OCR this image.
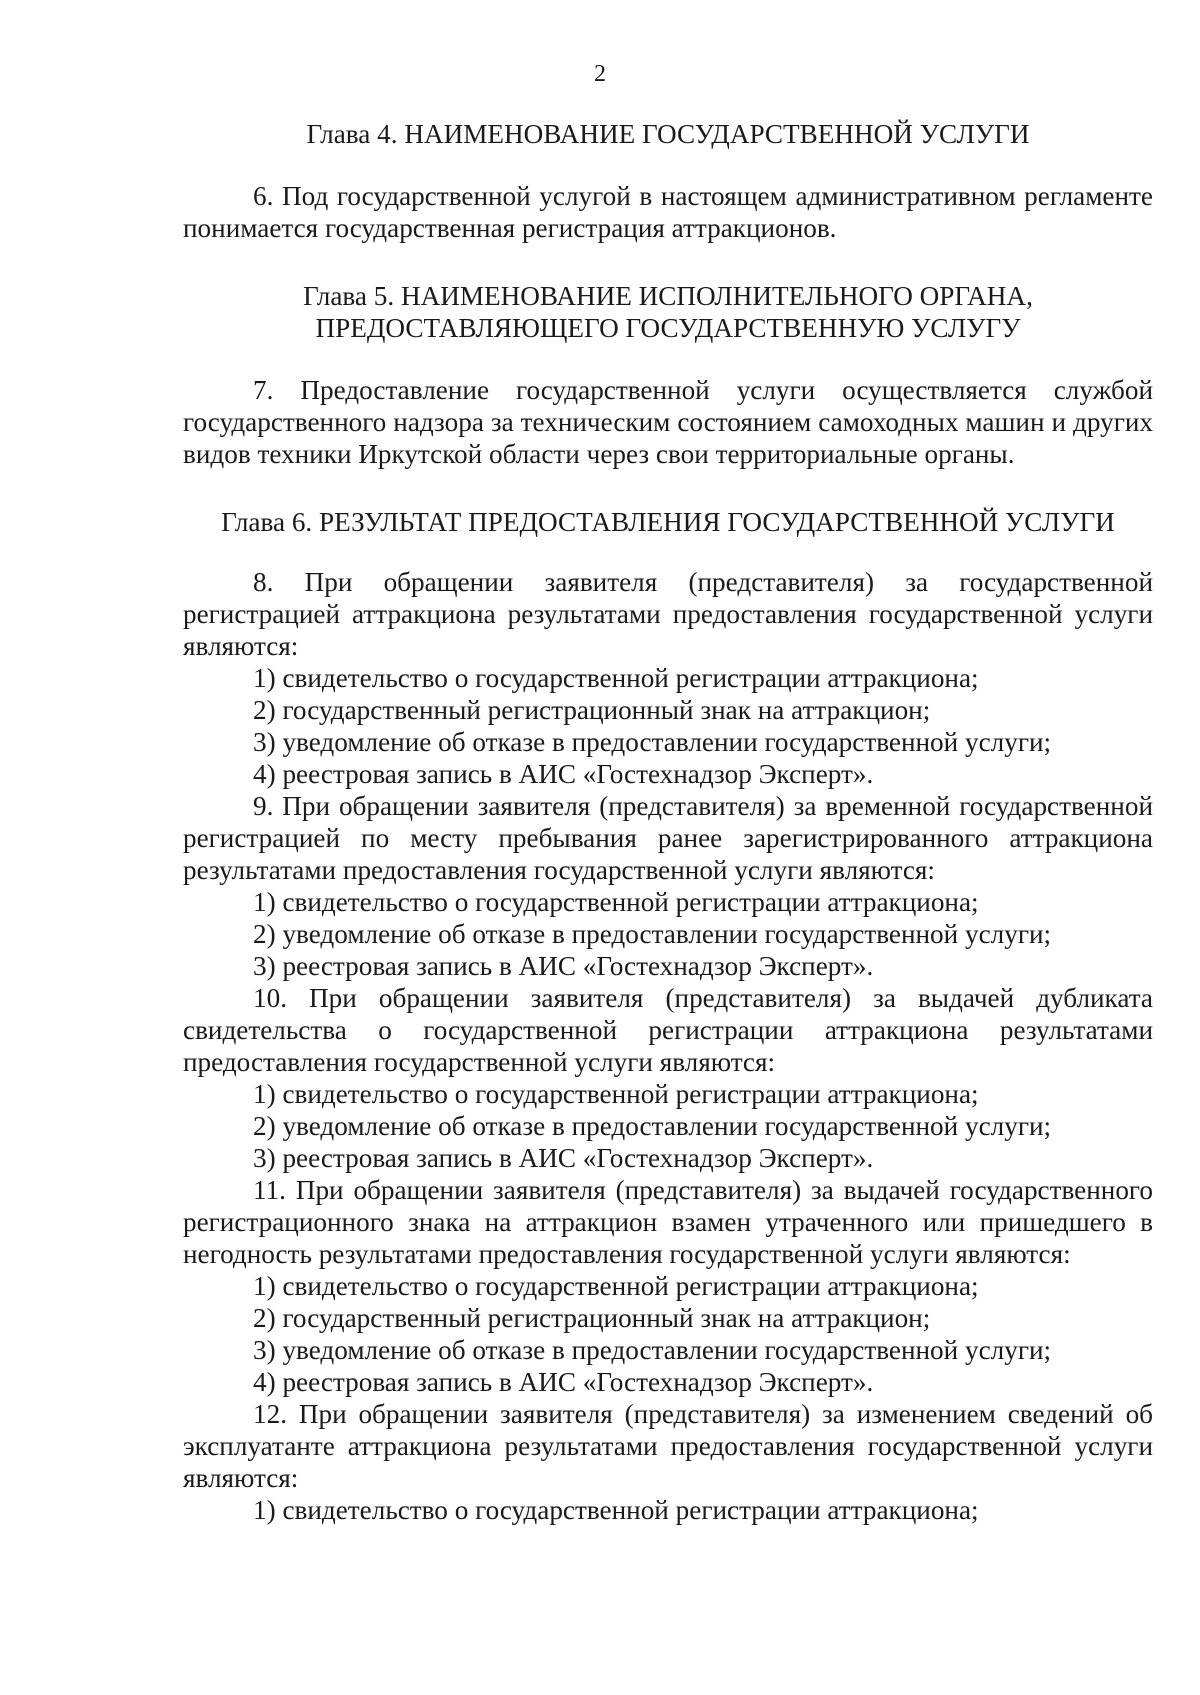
2
Глава 4. НАИМЕНОВАНИЕ ГОСУДАРСТВЕННОЙ УСЛУГИ

6. Под государственной услугой в настоящем административном регламенте понимается государственная регистрация аттракционов.

Глава 5. НАИМЕНОВАНИЕ ИСПОЛНИТЕЛЬНОГО ОРГАНА,
ПРЕДОСТАВЛЯЮЩЕГО ГОСУДАРСТВЕННУЮ УСЛУГУ

7. Предоставление государственной услуги осуществляется службой государственного надзора за техническим состоянием самоходных машин и других видов техники Иркутской области через свои территориальные органы.

Глава 6. РЕЗУЛЬТАТ ПРЕДОСТАВЛЕНИЯ ГОСУДАРСТВЕННОЙ УСЛУГИ

8. При обращении заявителя (представителя) за государственной регистрацией аттракциона результатами предоставления государственной услуги являются:

1) свидетельство о государственной регистрации аттракциона;

2) государственный регистрационный знак на аттракцион;

3) уведомление об отказе в предоставлении государственной услуги;

4) реестровая запись в АИС «Гостехнадзор Эксперт».

9. При обращении заявителя (представителя) за временной государственной регистрацией по месту пребывания ранее зарегистрированного аттракциона результатами предоставления государственной услуги являются:

1) свидетельство о государственной регистрации аттракциона;

2) уведомление об отказе в предоставлении государственной услуги;

3) реестровая запись в АИС «Гостехнадзор Эксперт».

10. При обращении заявителя (представителя) за выдачей дубликата свидетельства о государственной регистрации аттракциона результатами предоставления государственной услуги являются:

1) свидетельство о государственной регистрации аттракциона;

2) уведомление об отказе в предоставлении государственной услуги;

3) реестровая запись в АИС «Гостехнадзор Эксперт».

11. При обращении заявителя (представителя) за выдачей государственного регистрационного знака на аттракцион взамен утраченного или пришедшего в негодность результатами предоставления государственной услуги являются:

1) свидетельство о государственной регистрации аттракциона;

2) государственный регистрационный знак на аттракцион;

3) уведомление об отказе в предоставлении государственной услуги;

4) реестровая запись в АИС «Гостехнадзор Эксперт».

12. При обращении заявителя (представителя) за изменением сведений об эксплуатанте аттракциона результатами предоставления государственной услуги являются:

1) свидетельство о государственной регистрации аттракциона;
